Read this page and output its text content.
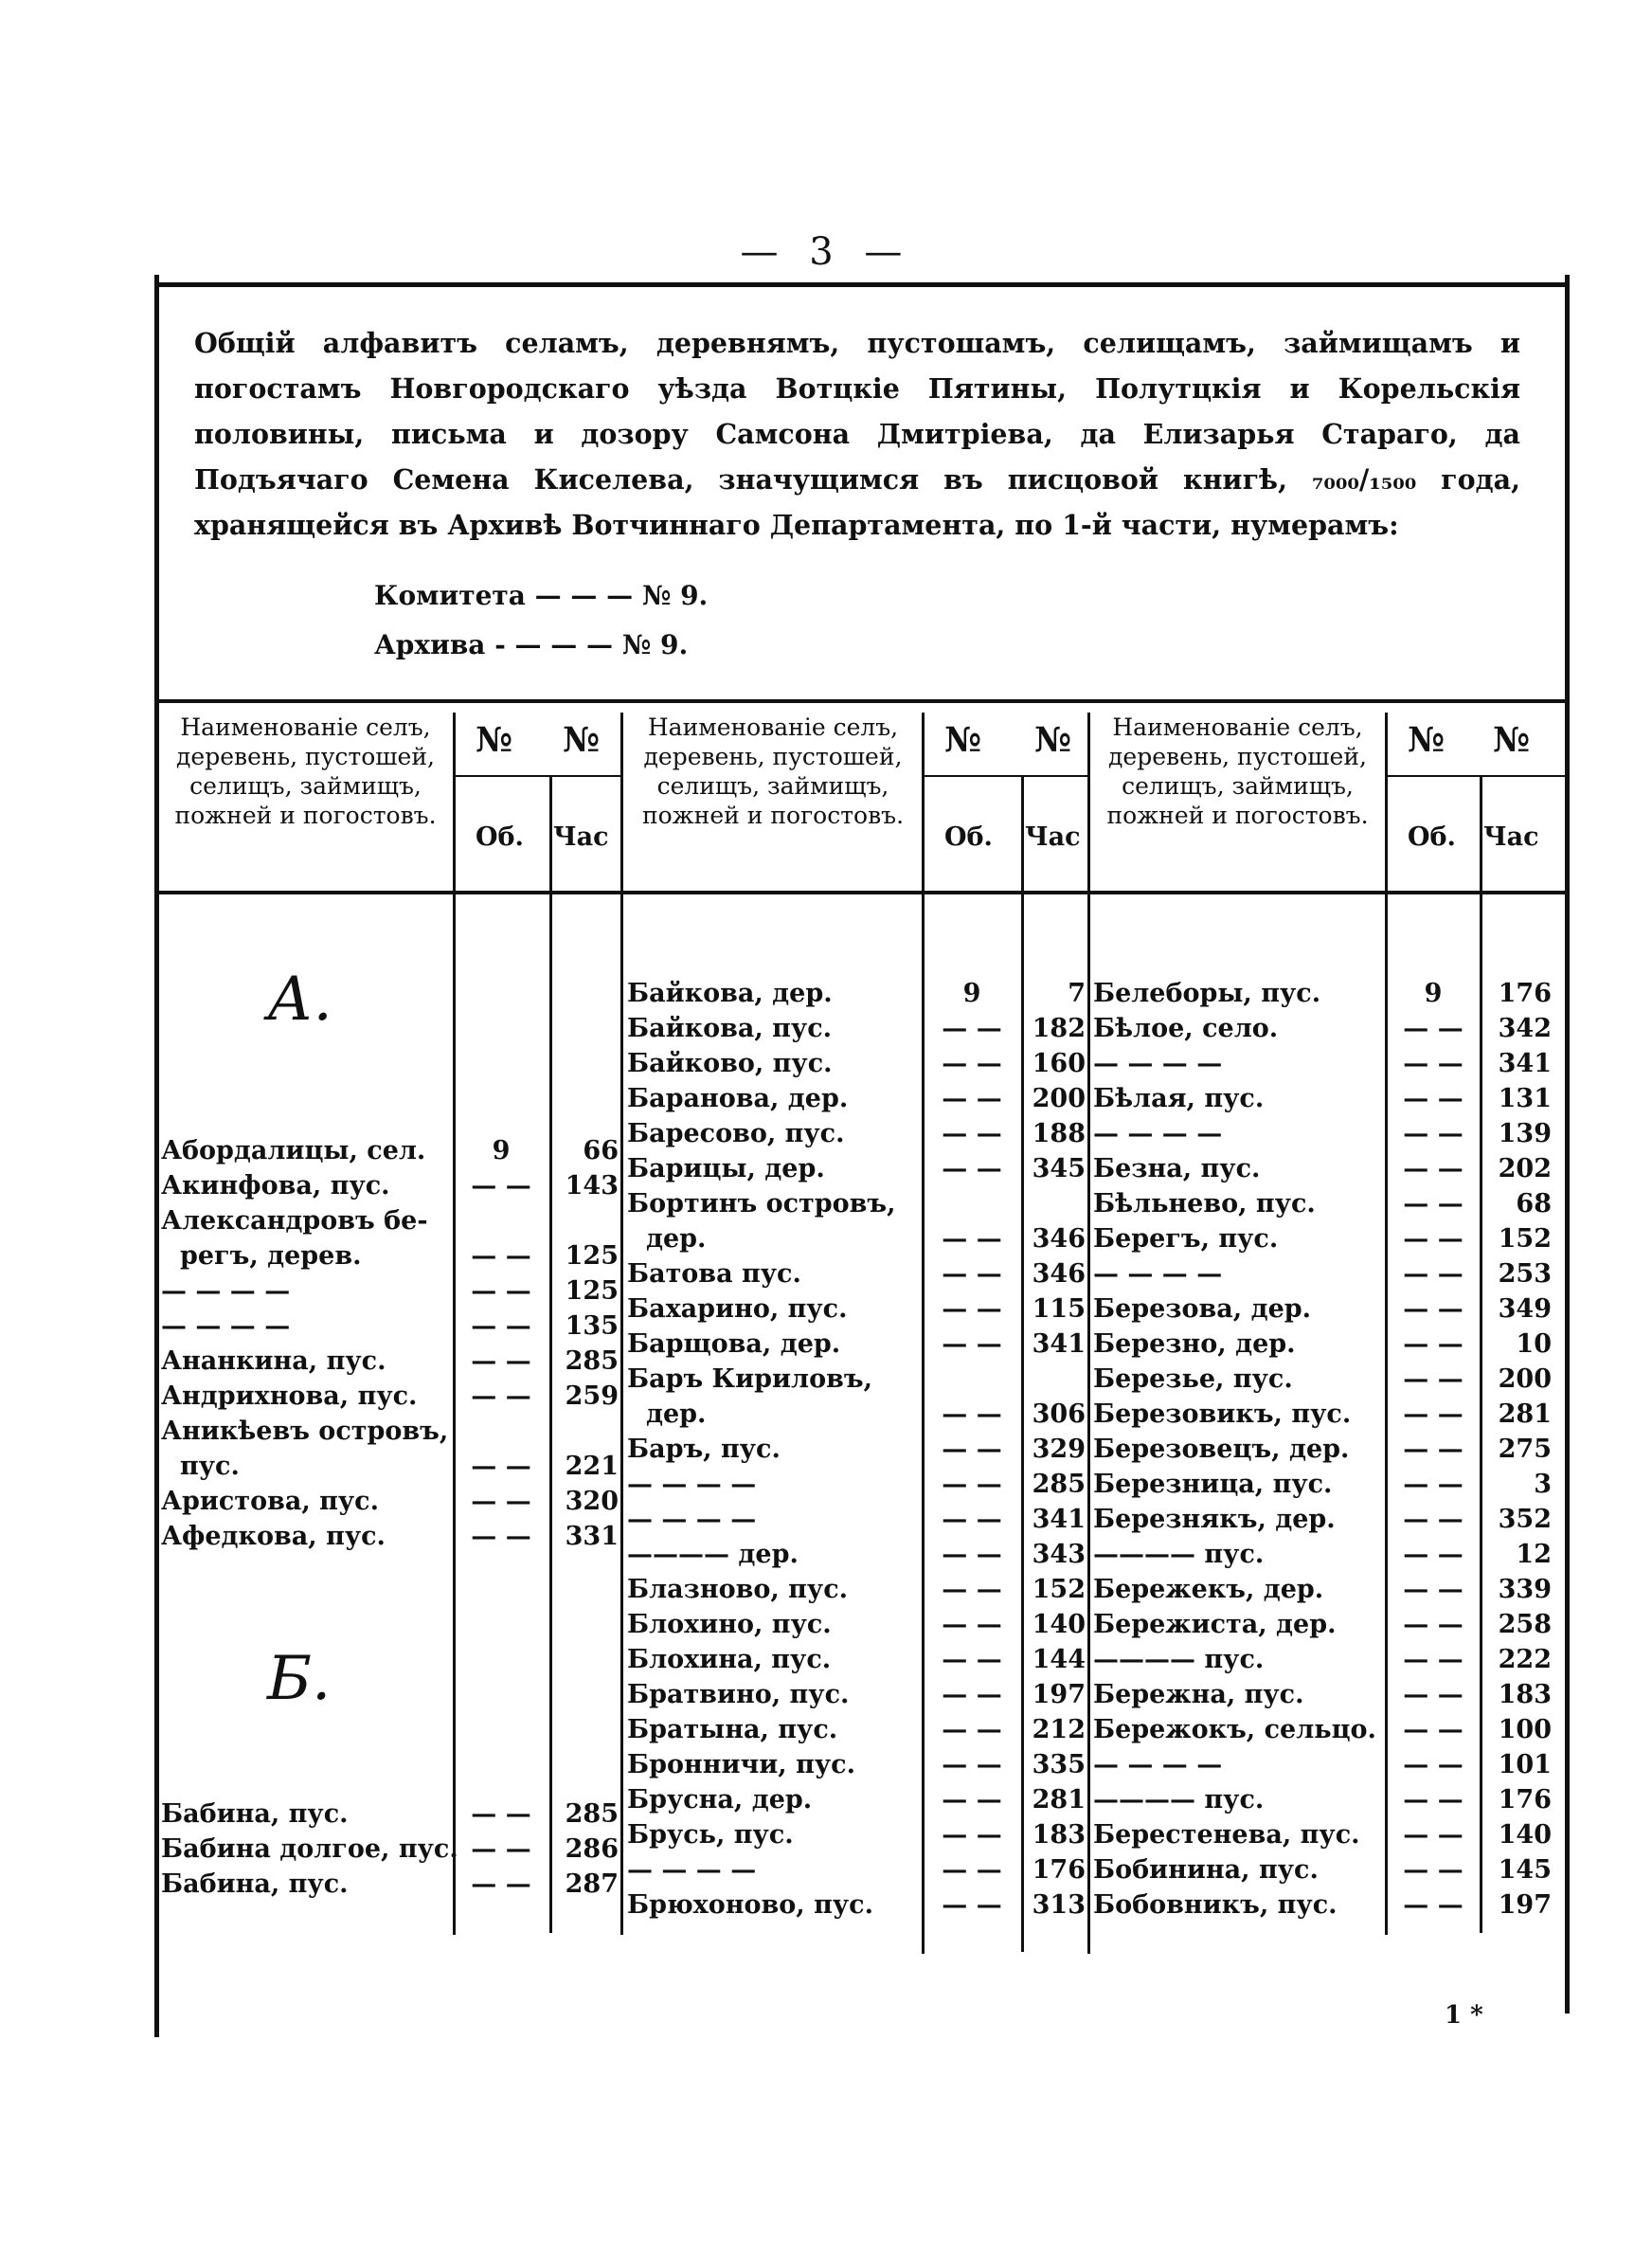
— 3 —
Общій алфавитъ селамъ, деревнямъ, пустошамъ, селищамъ, займищамъ и погостамъ Новгородскаго уѣзда Вотцкіе Пятины, Полутцкія и Корельскія половины, письма и дозору Самсона Дмитріева, да Елизарья Стараго, да Подъячаго Семена Киселева, значущимся въ писцовой книгѣ, ₇₀₀₀/₁₅₀₀ года, хранящейся въ Архивѣ Вотчиннаго Департамента, по 1-й части, нумерамъ:
Комитета — — — № 9.
Архива - — — — № 9.
Наименованіе селъ, деревень, пустошей, селищъ, займищъ, пожней и погостовъ.
№ №
Об. Час
Наименованіе селъ, деревень, пустошей, селищъ, займищъ, пожней и погостовъ.
№ №
Об. Час
Наименованіе селъ, деревень, пустошей, селищъ, займищъ, пожней и погостовъ.
№ №
Об. Час
А.
Б.
Абордалицы, сел.	9	66
Акинфова, пус.	— —	143
Александровъ бе-
регъ, дерев.	— —	125
— — — —	— —	125
— — — —	— —	135
Ананкина, пус.	— —	285
Андрихнова, пус.	— —	259
Аникѣевъ островъ,
пус.	— —	221
Аристова, пус.	— —	320
Афедкова, пус.	— —	331
Бабина, пус.	— —	285
Бабина долгое, пус. — —	286
Бабина, пус.	— —	287
Байкова, дер.	9	7
Байкова, пус.	— —	182
Байково, пус.	— —	160
Баранова, дер.	— —	200
Баресово, пус.	— —	188
Барицы, дер.	— —	345
Бортинъ островъ,
дер.	— —	346
Батова пус.	— —	346
Бахарино, пус.	— —	115
Барщова, дер.	— —	341
Баръ Кириловъ,
дер.	— —	306
Баръ, пус.	— —	329
— — — —	— —	285
— — — —	— —	341
———— дер.	— —	343
Блазново, пус.	— —	152
Блохино, пус.	— —	140
Блохина, пус.	— —	144
Братвино, пус.	— —	197
Братына, пус.	— —	212
Бронничи, пус.	— —	335
Брусна, дер.	— —	281
Брусь, пус.	— —	183
— — — —	— —	176
Брюхоново, пус.	— —	313
Белеборы, пус.	9	176
Бѣлое, село.	— —	342
— — — —	— —	341
Бѣлая, пус.	— —	131
— — — —	— —	139
Безна, пус.	— —	202
Бѣльнево, пус.	— —	68
Берегъ, пус.	— —	152
— — — —	— —	253
Березова, дер.	— —	349
Березно, дер.	— —	10
Березье, пус.	— —	200
Березовикъ, пус.	— —	281
Березовецъ, дер.	— —	275
Березница, пус.	— —	3
Березнякъ, дер.	— —	352
———— пус.	— —	12
Бережекъ, дер.	— —	339
Бережиста, дер.	— —	258
———— пус.	— —	222
Бережна, пус.	— —	183
Бережокъ, сельцо.	— —	100
— — — —	— —	101
———— пус.	— —	176
Берестенева, пус.	— —	140
Бобинина, пус.	— —	145
Бобовникъ, пус.	— —	197
1 *
